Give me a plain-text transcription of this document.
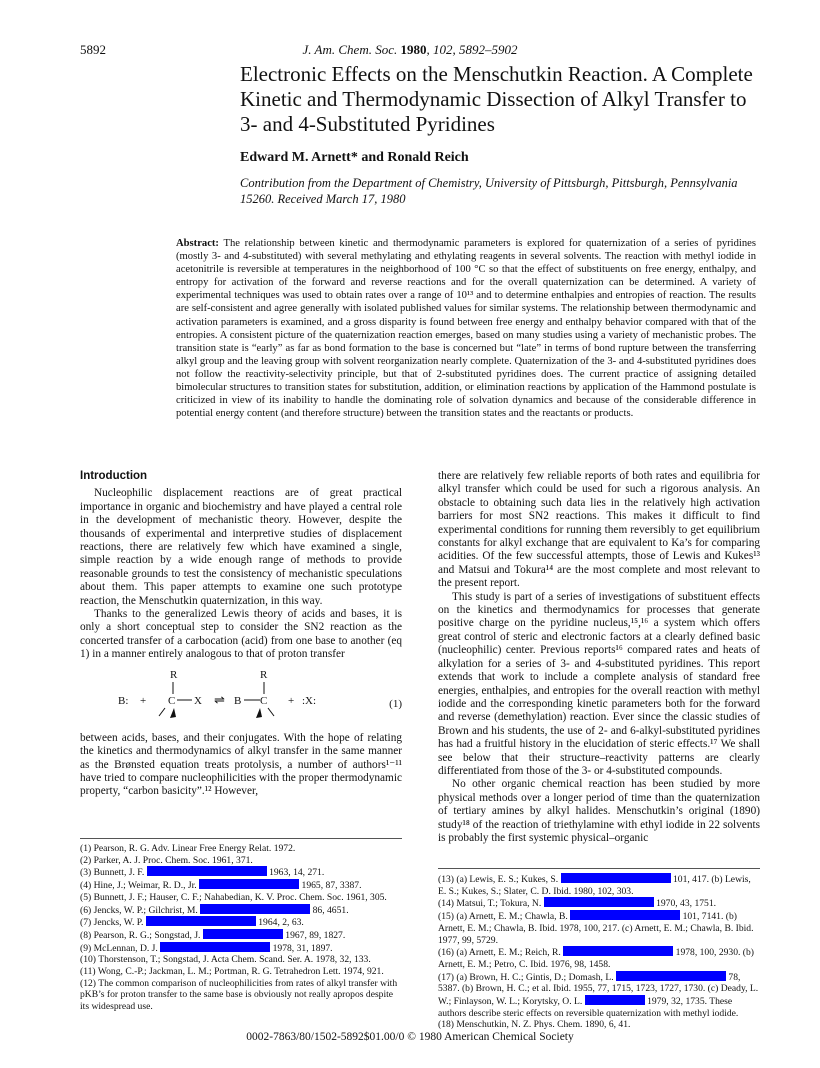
5892	J. Am. Chem. Soc. 1980, 102, 5892–5902
Electronic Effects on the Menschutkin Reaction. A Complete Kinetic and Thermodynamic Dissection of Alkyl Transfer to 3- and 4-Substituted Pyridines
Edward M. Arnett* and Ronald Reich
Contribution from the Department of Chemistry, University of Pittsburgh, Pittsburgh, Pennsylvania 15260. Received March 17, 1980
Abstract: The relationship between kinetic and thermodynamic parameters is explored for quaternization of a series of pyridines (mostly 3- and 4-substituted) with several methylating and ethylating reagents in several solvents. The reaction with methyl iodide in acetonitrile is reversible at temperatures in the neighborhood of 100 °C so that the effect of substituents on free energy, enthalpy, and entropy for activation of the forward and reverse reactions and for the overall quaternization can be determined. A variety of experimental techniques was used to obtain rates over a range of 10¹³ and to determine enthalpies and entropies of reaction. The results are self-consistent and agree generally with isolated published values for similar systems. The relationship between thermodynamic and activation parameters is examined, and a gross disparity is found between free energy and enthalpy behavior compared with that of the entropies. A consistent picture of the quaternization reaction emerges, based on many studies using a variety of mechanistic probes. The transition state is “early” as far as bond formation to the base is concerned but “late” in terms of bond rupture between the transferring alkyl group and the leaving group with solvent reorganization nearly complete. Quaternization of the 3- and 4-substituted pyridines does not follow the reactivity-selectivity principle, but that of 2-substituted pyridines does. The current practice of assigning detailed bimolecular structures to transition states for substitution, addition, or elimination reactions by application of the Hammond postulate is criticized in view of its inability to handle the dominating role of solvation dynamics and because of the considerable difference in potential energy content (and therefore structure) between the transition states and the reactants or products.
Introduction

Nucleophilic displacement reactions are of great practical importance in organic and biochemistry and have played a central role in the development of mechanistic theory. However, despite the thousands of experimental and interpretive studies of displacement reactions, there are relatively few which have examined a single, simple reaction by a wide enough range of methods to provide reasonable grounds to test the consistency of mechanistic speculations about them. This paper attempts to examine one such prototype reaction, the Menschutkin quaternization, in this way.

Thanks to the generalized Lewis theory of acids and bases, it is only a short conceptual step to consider the SN2 reaction as the concerted transfer of a carbocation (acid) from one base to another (eq 1) in a manner entirely analogous to that of proton transfer

B: +
R
C X ⇌ B
R
C + :X:	(1)

between acids, bases, and their conjugates. With the hope of relating the kinetics and thermodynamics of alkyl transfer in the same manner as the Brønsted equation treats protolysis, a number of authors¹⁻¹¹ have tried to compare nucleophilicities with the proper thermodynamic property, “carbon basicity”.¹² However,

there are relatively few reliable reports of both rates and equilibria for alkyl transfer which could be used for such a rigorous analysis. An obstacle to obtaining such data lies in the relatively high activation barriers for most SN2 reactions. This makes it difficult to find experimental conditions for running them reversibly to get equilibrium constants for alkyl exchange that are equivalent to Ka’s for comparing acidities. Of the few successful attempts, those of Lewis and Kukes¹³ and Matsui and Tokura¹⁴ are the most complete and most relevant to the present report.

This study is part of a series of investigations of substituent effects on the kinetics and thermodynamics for processes that generate positive charge on the pyridine nucleus,¹⁵,¹⁶ a system which offers great control of steric and electronic factors at a clearly defined basic (nucleophilic) center. Previous reports¹⁶ compared rates and heats of alkylation for a series of 3- and 4-substituted pyridines. This report extends that work to include a complete analysis of standard free energies, enthalpies, and entropies for the overall reaction with methyl iodide and the corresponding kinetic parameters both for the forward and reverse (demethylation) reaction. Ever since the classic studies of Brown and his students, the use of 2- and 6-alkyl-substituted pyridines has had a fruitful history in the elucidation of steric effects.¹⁷ We shall see below that their structure–reactivity patterns are clearly differentiated from those of the 3- or 4-substituted compounds.

No other organic chemical reaction has been studied by more physical methods over a longer period of time than the quaternization of tertiary amines by alkyl halides. Menschutkin’s original (1890) study¹⁸ of the reaction of triethylamine with ethyl iodide in 22 solvents is probably the first systemic physical–organic

(1) Pearson, R. G. Adv. Linear Free Energy Relat. 1972.
(2) Parker, A. J. Proc. Chem. Soc. 1961, 371.
(3) Bunnett, J. F.	1963, 14, 271.
(4) Hine, J.; Weimar, R. D., Jr.	1965, 87, 3387.
(5) Bunnett, J. F.; Hauser, C. F.; Nahabedian, K. V. Proc. Chem. Soc. 1961, 305.
(6) Jencks, W. P.; Gilchrist, M.	86, 4651.
(7) Jencks, W. P.	1964, 2, 63.
(8) Pearson, R. G.; Songstad, J.	1967, 89, 1827.
(9) McLennan, D. J.	1978, 31, 1897.
(10) Thorstenson, T.; Songstad, J. Acta Chem. Scand. Ser. A. 1978, 32, 133.
(11) Wong, C.-P.; Jackman, L. M.; Portman, R. G. Tetrahedron Lett. 1974, 921.
(12) The common comparison of nucleophilicities from rates of alkyl transfer with pKB’s for proton transfer to the same base is obviously not really apropos despite its widespread use.
(13) (a) Lewis, E. S.; Kukes, S.	101, 417. (b) Lewis, E. S.; Kukes, S.; Slater, C. D. Ibid. 1980, 102, 303.
(14) Matsui, T.; Tokura, N.	1970, 43, 1751.
(15) (a) Arnett, E. M.; Chawla, B.	101, 7141. (b) Arnett, E. M.; Chawla, B. Ibid. 1978, 100, 217. (c) Arnett, E. M.; Chawla, B. Ibid. 1977, 99, 5729.
(16) (a) Arnett, E. M.; Reich, R.	1978, 100, 2930. (b) Arnett, E. M.; Petro, C. Ibid. 1976, 98, 1458.
(17) (a) Brown, H. C.; Gintis, D.; Domash, L.	78, 5387. (b) Brown, H. C.; et al. Ibid. 1955, 77, 1715, 1723, 1727, 1730. (c) Deady, L. W.; Finlayson, W. L.; Korytsky, O. L.	1979, 32, 1735. These authors describe steric effects on reversible quaternization with methyl iodide.
(18) Menschutkin, N. Z. Phys. Chem. 1890, 6, 41.
0002-7863/80/1502-5892$01.00/0 © 1980 American Chemical Society
